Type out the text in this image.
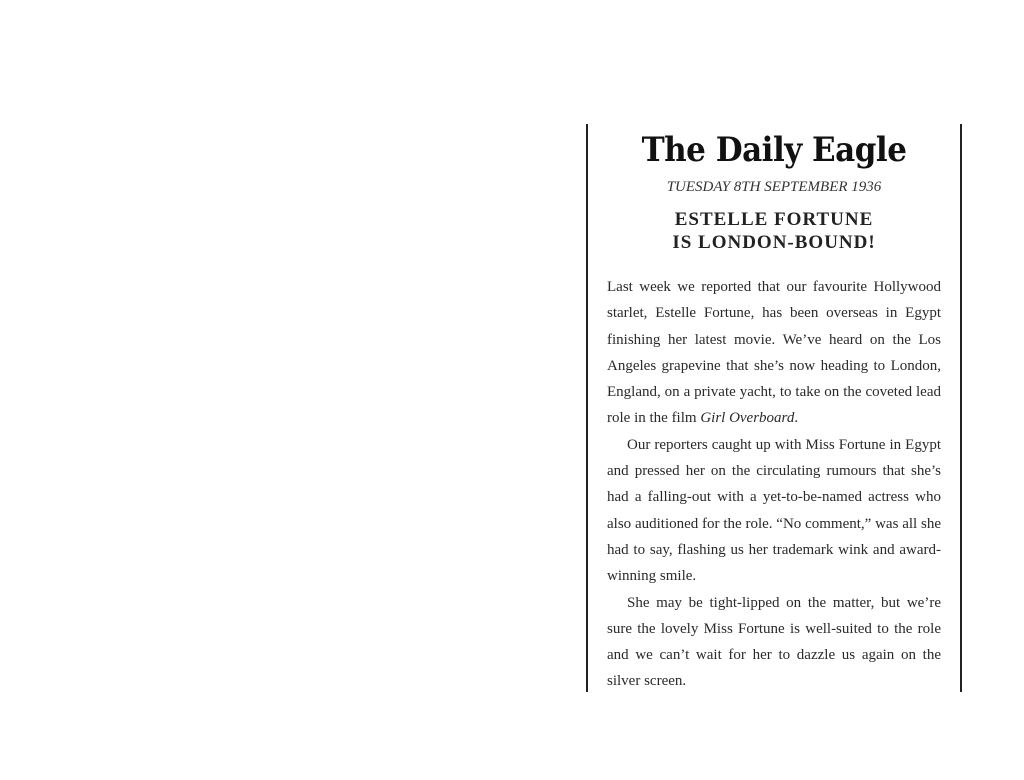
The Daily Eagle
TUESDAY 8TH SEPTEMBER 1936
ESTELLE FORTUNE
IS LONDON-BOUND!

Last week we reported that our favourite Hollywood starlet, Estelle Fortune, has been overseas in Egypt finishing her latest movie. We’ve heard on the Los Angeles grapevine that she’s now heading to London, England, on a private yacht, to take on the coveted lead role in the film Girl Overboard.

Our reporters caught up with Miss Fortune in Egypt and pressed her on the circulating rumours that she’s had a falling-out with a yet-to-be-named actress who also auditioned for the role. “No comment,” was all she had to say, flashing us her trademark wink and award-winning smile.

She may be tight-lipped on the matter, but we’re sure the lovely Miss Fortune is well-suited to the role and we can’t wait for her to dazzle us again on the silver screen.
